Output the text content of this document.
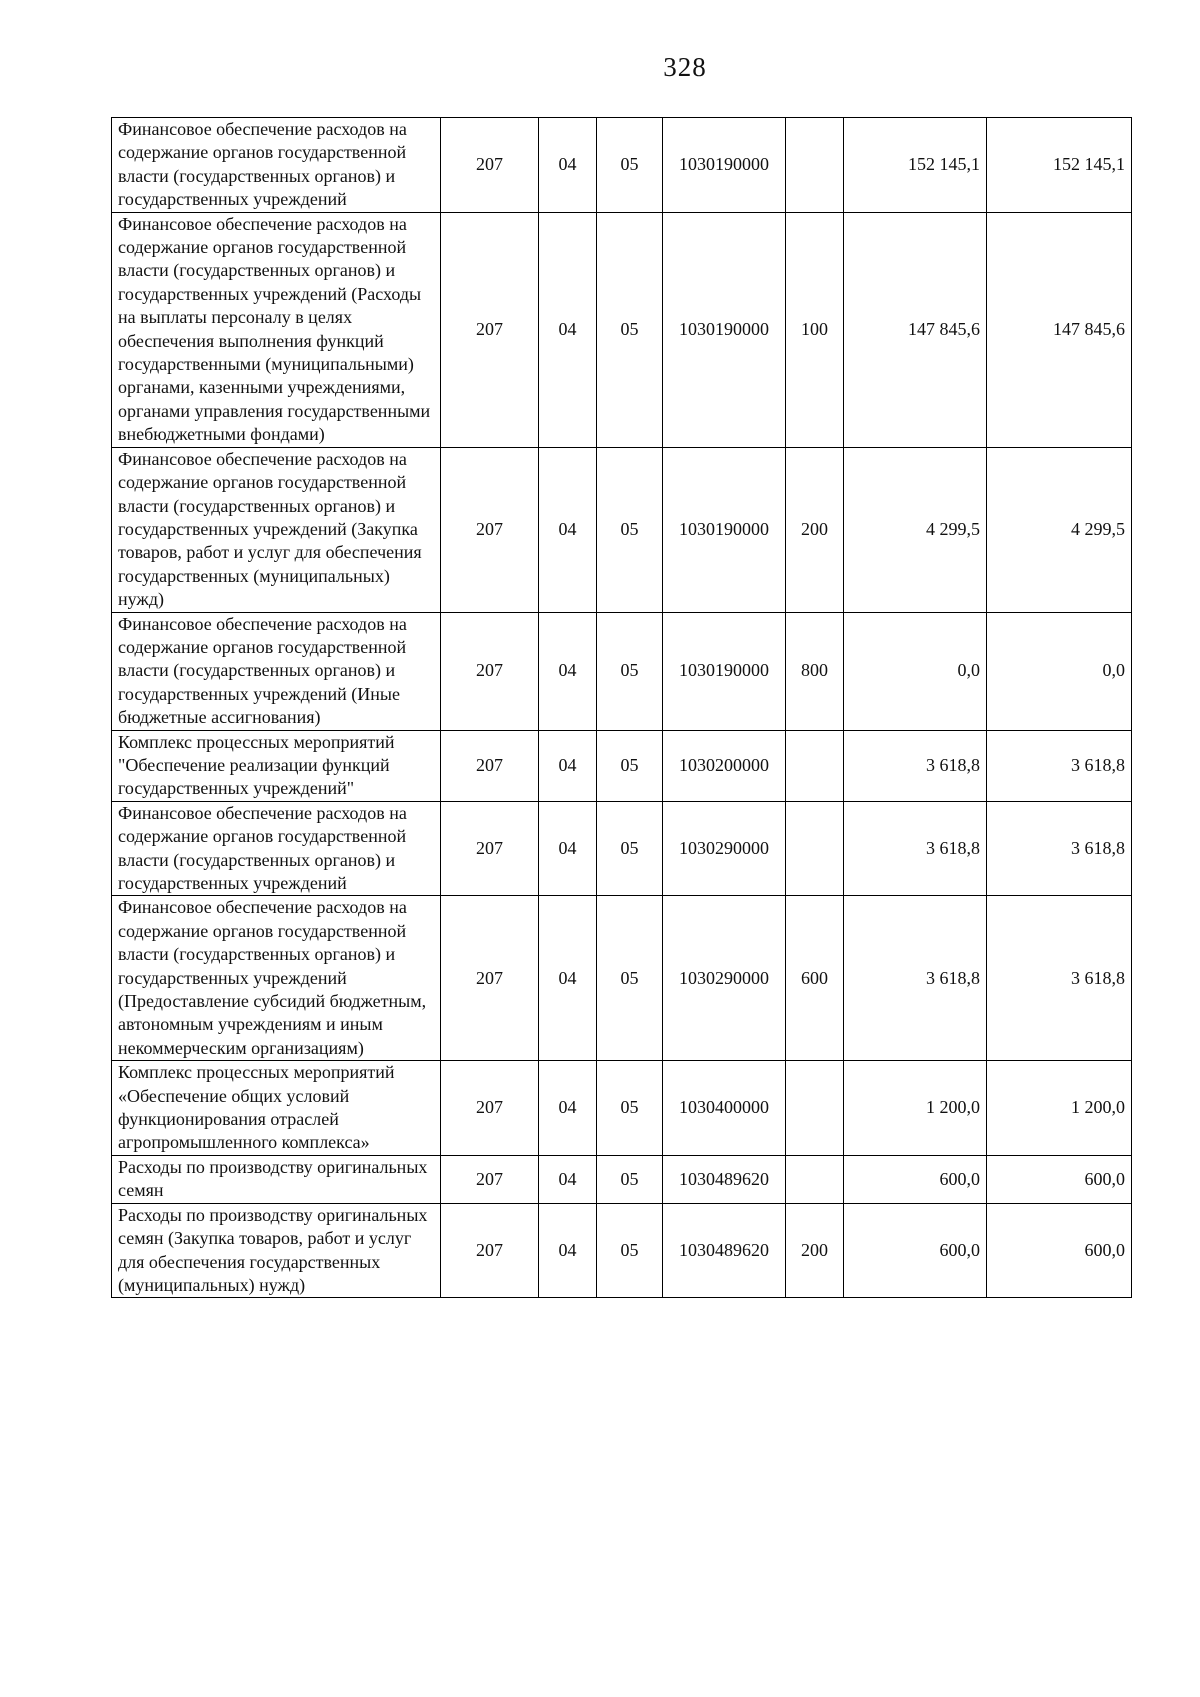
328
Финансовое обеспечение расходов на содержание органов государственной власти (государственных органов) и государственных учреждений	207	04	05	1030190000		152 145,1	152 145,1
Финансовое обеспечение расходов на содержание органов государственной власти (государственных органов) и государственных учреждений (Расходы на выплаты персоналу в целях обеспечения выполнения функций государственными (муниципальными) органами, казенными учреждениями, органами управления государственными внебюджетными фондами)	207	04	05	1030190000	100	147 845,6	147 845,6
Финансовое обеспечение расходов на содержание органов государственной власти (государственных органов) и государственных учреждений (Закупка товаров, работ и услуг для обеспечения государственных (муниципальных) нужд)	207	04	05	1030190000	200	4 299,5	4 299,5
Финансовое обеспечение расходов на содержание органов государственной власти (государственных органов) и государственных учреждений (Иные бюджетные ассигнования)	207	04	05	1030190000	800	0,0	0,0
Комплекс процессных мероприятий "Обеспечение реализации функций государственных учреждений"	207	04	05	1030200000		3 618,8	3 618,8
Финансовое обеспечение расходов на содержание органов государственной власти (государственных органов) и государственных учреждений	207	04	05	1030290000		3 618,8	3 618,8
Финансовое обеспечение расходов на содержание органов государственной власти (государственных органов) и государственных учреждений (Предоставление субсидий бюджетным, автономным учреждениям и иным некоммерческим организациям)	207	04	05	1030290000	600	3 618,8	3 618,8
Комплекс процессных мероприятий «Обеспечение общих условий функционирования отраслей агропромышленного комплекса»	207	04	05	1030400000		1 200,0	1 200,0
Расходы по производству оригинальных семян	207	04	05	1030489620		600,0	600,0
Расходы по производству оригинальных семян (Закупка товаров, работ и услуг для обеспечения государственных (муниципальных) нужд)	207	04	05	1030489620	200	600,0	600,0
